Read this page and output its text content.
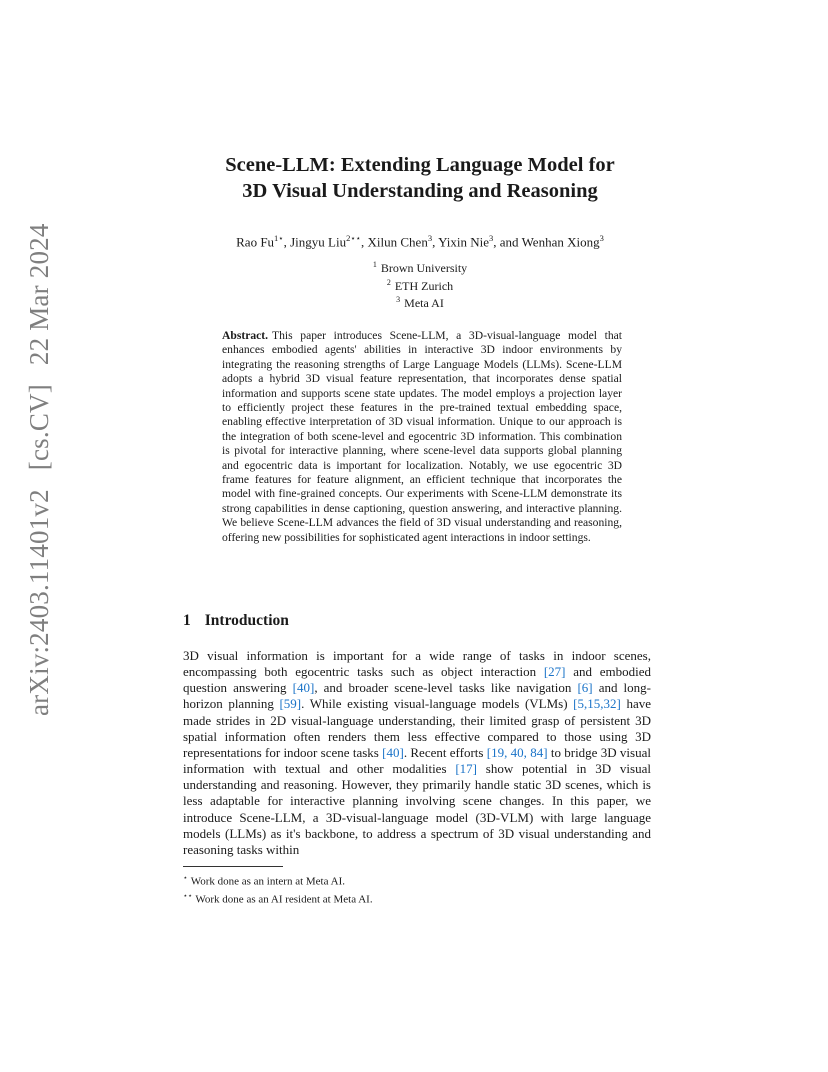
arXiv:2403.11401v2 [cs.CV] 22 Mar 2024
Scene-LLM: Extending Language Model for
3D Visual Understanding and Reasoning
Rao $Fu^{1⋆}$, Jingyu Liu$^{2⋆⋆}$, Xilun Chen$^3$, Yixin Nie$^3$, and Wenhan Xiong$^3$
$^1$ Brown University
$^2$ ETH Zurich
$^3$ Meta AI
Abstract. This paper introduces Scene-LLM, a 3D-visual-language model that enhances embodied agents' abilities in interactive 3D indoor environments by integrating the reasoning strengths of Large Language Models (LLMs). Scene-LLM adopts a hybrid 3D visual feature representation, that incorporates dense spatial information and supports scene state updates. The model employs a projection layer to efficiently project these features in the pre-trained textual embedding space, enabling effective interpretation of 3D visual information. Unique to our approach is the integration of both scene-level and egocentric 3D information. This combination is pivotal for interactive planning, where scene-level data supports global planning and egocentric data is important for localization. Notably, we use egocentric 3D frame features for feature alignment, an efficient technique that incorporates the model with fine-grained concepts. Our experiments with Scene-LLM demonstrate its strong capabilities in dense captioning, question answering, and interactive planning. We believe Scene-LLM advances the field of 3D visual understanding and reasoning, offering new possibilities for sophisticated agent interactions in indoor settings.
1 Introduction
3D visual information is important for a wide range of tasks in indoor scenes, encompassing both egocentric tasks such as object interaction [27] and embodied question answering [40], and broader scene-level tasks like navigation [6] and long-horizon planning [59]. While existing visual-language models (VLMs) [5,15,32] have made strides in 2D visual-language understanding, their limited grasp of persistent 3D spatial information often renders them less effective compared to those using 3D representations for indoor scene tasks [40]. Recent efforts [19, 40, 84] to bridge 3D visual information with textual and other modalities [17] show potential in 3D visual understanding and reasoning. However, they primarily handle static 3D scenes, which is less adaptable for interactive planning involving scene changes. In this paper, we introduce Scene-LLM, a 3D-visual-language model (3D-VLM) with large language models (LLMs) as it's backbone, to address a spectrum of 3D visual understanding and reasoning tasks within
⋆ Work done as an intern at Meta AI.
⋆⋆ Work done as an AI resident at Meta AI.
